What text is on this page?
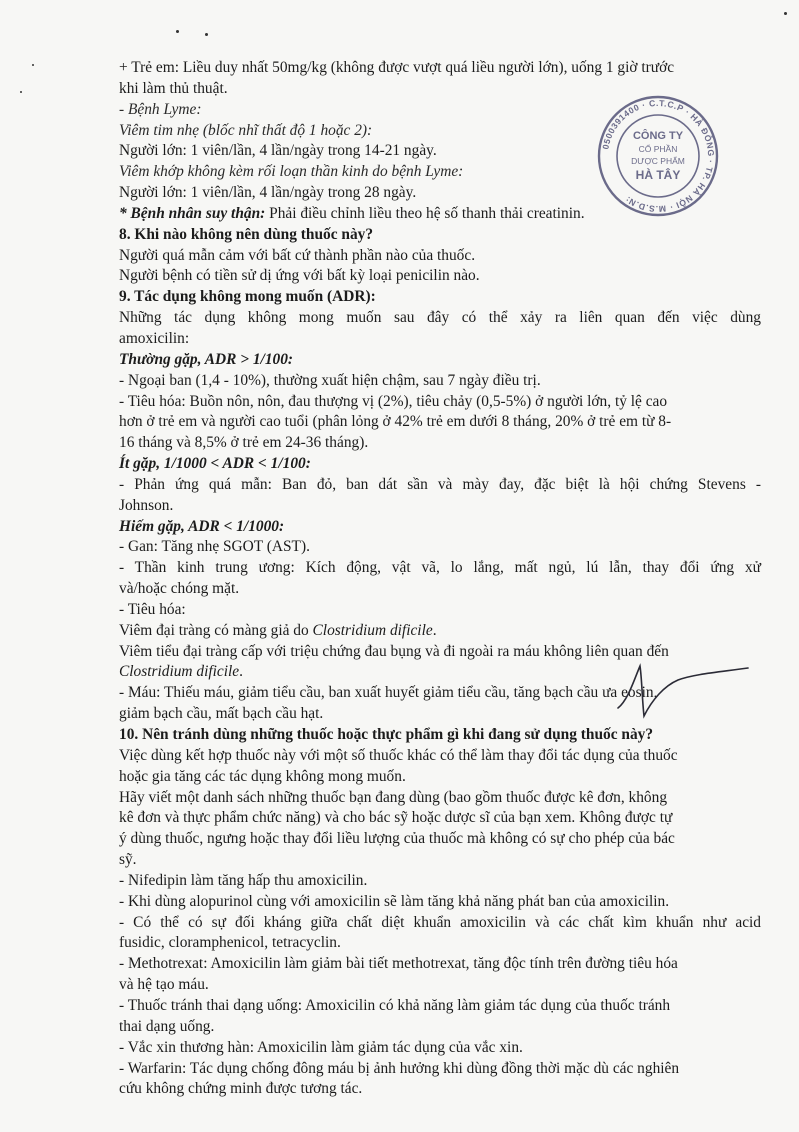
+ Trẻ em: Liều duy nhất 50mg/kg (không được vượt quá liều người lớn), uống 1 giờ trước

khi làm thủ thuật.

- Bệnh Lyme:

Viêm tim nhẹ (blốc nhĩ thất độ 1 hoặc 2):

Người lớn: 1 viên/lần, 4 lần/ngày trong 14-21 ngày.

Viêm khớp không kèm rối loạn thần kinh do bệnh Lyme:

Người lớn: 1 viên/lần, 4 lần/ngày trong 28 ngày.

* Bệnh nhân suy thận: Phải điều chỉnh liều theo hệ số thanh thải creatinin.

8. Khi nào không nên dùng thuốc này?

Người quá mẫn cảm với bất cứ thành phần nào của thuốc.

Người bệnh có tiền sử dị ứng với bất kỳ loại penicilin nào.

9. Tác dụng không mong muốn (ADR):

Những tác dụng không mong muốn sau đây có thể xảy ra liên quan đến việc dùng

amoxicilin:

Thường gặp, ADR > 1/100:

- Ngoại ban (1,4 - 10%), thường xuất hiện chậm, sau 7 ngày điều trị.

- Tiêu hóa: Buồn nôn, nôn, đau thượng vị (2%), tiêu chảy (0,5-5%) ở người lớn, tỷ lệ cao

hơn ở trẻ em và người cao tuổi (phân lỏng ở 42% trẻ em dưới 8 tháng, 20% ở trẻ em từ 8-

16 tháng và 8,5% ở trẻ em 24-36 tháng).

Ít gặp, 1/1000 < ADR < 1/100:

- Phản ứng quá mẫn: Ban đỏ, ban dát sần và mày đay, đặc biệt là hội chứng Stevens -

Johnson.

Hiếm gặp, ADR < 1/1000:

- Gan: Tăng nhẹ SGOT (AST).

- Thần kinh trung ương: Kích động, vật vã, lo lắng, mất ngủ, lú lẫn, thay đổi ứng xử

và/hoặc chóng mặt.

- Tiêu hóa:

Viêm đại tràng có màng giả do Clostridium dificile.

Viêm tiểu đại tràng cấp với triệu chứng đau bụng và đi ngoài ra máu không liên quan đến

Clostridium dificile.

- Máu: Thiếu máu, giảm tiểu cầu, ban xuất huyết giảm tiểu cầu, tăng bạch cầu ưa eosin,

giảm bạch cầu, mất bạch cầu hạt.

10. Nên tránh dùng những thuốc hoặc thực phẩm gì khi đang sử dụng thuốc này?

Việc dùng kết hợp thuốc này với một số thuốc khác có thể làm thay đổi tác dụng của thuốc

hoặc gia tăng các tác dụng không mong muốn.

Hãy viết một danh sách những thuốc bạn đang dùng (bao gồm thuốc được kê đơn, không

kê đơn và thực phẩm chức năng) và cho bác sỹ hoặc dược sĩ của bạn xem. Không được tự

ý dùng thuốc, ngưng hoặc thay đổi liều lượng của thuốc mà không có sự cho phép của bác

sỹ.

- Nifedipin làm tăng hấp thu amoxicilin.

- Khi dùng alopurinol cùng với amoxicilin sẽ làm tăng khả năng phát ban của amoxicilin.

- Có thể có sự đối kháng giữa chất diệt khuẩn amoxicilin và các chất kìm khuẩn như acid

fusidic, cloramphenicol, tetracyclin.

- Methotrexat: Amoxicilin làm giảm bài tiết methotrexat, tăng độc tính trên đường tiêu hóa

và hệ tạo máu.

- Thuốc tránh thai dạng uống: Amoxicilin có khả năng làm giảm tác dụng của thuốc tránh

thai dạng uống.

- Vắc xin thương hàn: Amoxicilin làm giảm tác dụng của vắc xin.

- Warfarin: Tác dụng chống đông máu bị ảnh hưởng khi dùng đồng thời mặc dù các nghiên

cứu không chứng minh được tương tác.

0500391400 · C.T.C.P · HÀ ĐÔNG · TP. HÀ NỘI · M.S.D.N:
CÔNG TY
CỔ PHẦN
DƯỢC PHẨM
HÀ TÂY
